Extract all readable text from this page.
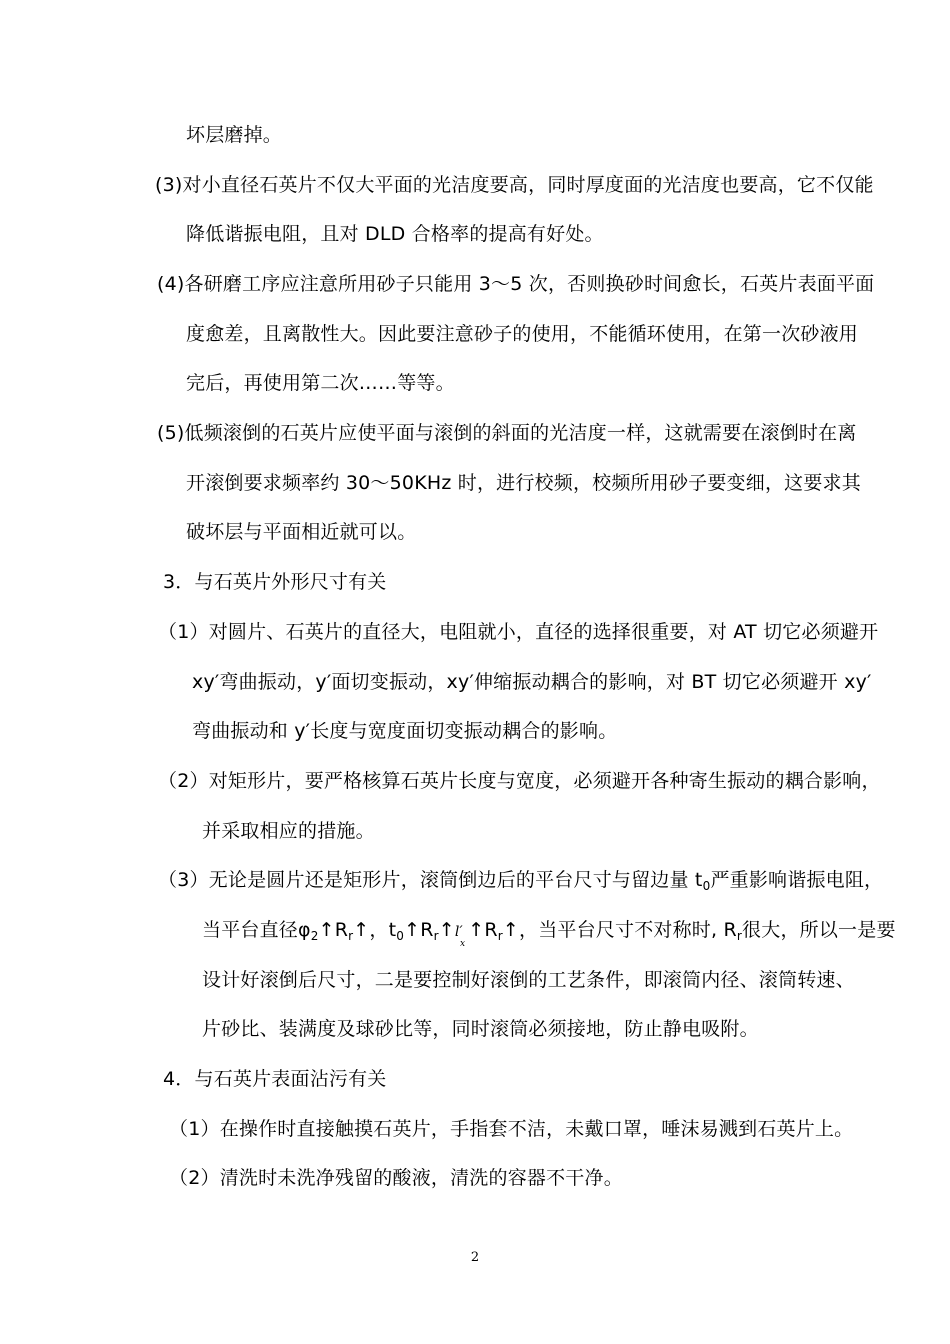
坏层磨掉。
(3)对小直径石英片不仅大平面的光洁度要高，同时厚度面的光洁度也要高，它不仅能
降低谐振电阻，且对 DLD 合格率的提高有好处。
(4)各研磨工序应注意所用砂子只能用 3～5 次，否则换砂时间愈长，石英片表面平面
度愈差，且离散性大。因此要注意砂子的使用，不能循环使用，在第一次砂液用
完后，再使用第二次……等等。
(5)低频滚倒的石英片应使平面与滚倒的斜面的光洁度一样，这就需要在滚倒时在离
开滚倒要求频率约 30～50KHz 时，进行校频，校频所用砂子要变细，这要求其
破坏层与平面相近就可以。
3．与石英片外形尺寸有关
（1）对圆片、石英片的直径大，电阻就小，直径的选择很重要，对 AT 切它必须避开
xy′弯曲振动，y′面切变振动，xy′伸缩振动耦合的影响，对 BT 切它必须避开 xy′
弯曲振动和 y′长度与宽度面切变振动耦合的影响。
（2）对矩形片，要严格核算石英片长度与宽度，必须避开各种寄生振动的耦合影响，
并采取相应的措施。
（3）无论是圆片还是矩形片，滚筒倒边后的平台尺寸与留边量 $t_0$严重影响谐振电阻，
当平台直径$\varphi_2↑R_r↑$，$t_0↑R_r↑l'_x↑R_r↑$，当平台尺寸不对称时, $R_r$很大，所以一是要
设计好滚倒后尺寸，二是要控制好滚倒的工艺条件，即滚筒内径、滚筒转速、
片砂比、装满度及球砂比等，同时滚筒必须接地，防止静电吸附。
4．与石英片表面沾污有关
（1）在操作时直接触摸石英片，手指套不洁，未戴口罩，唾沫易溅到石英片上。
（2）清洗时未洗净残留的酸液，清洗的容器不干净。
2
